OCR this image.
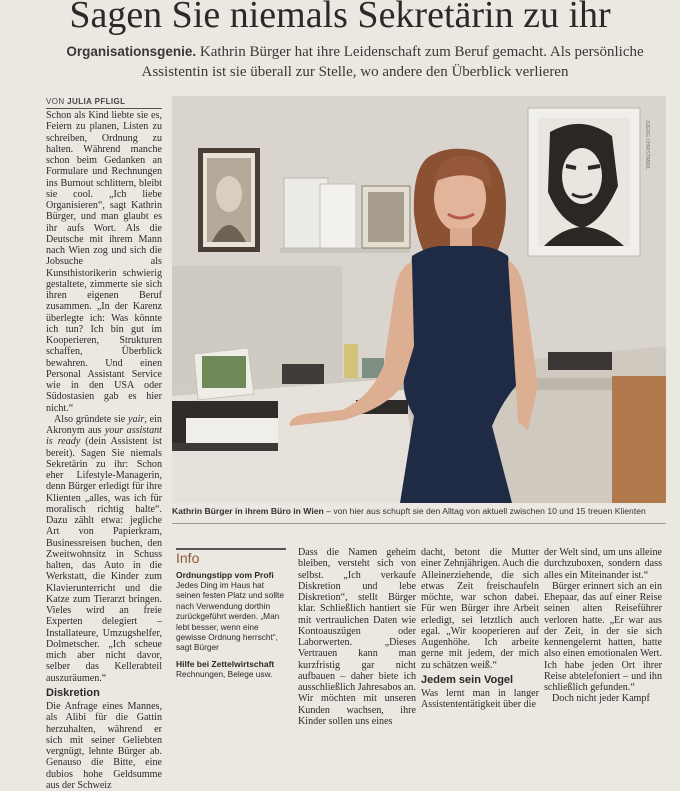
Sagen Sie niemals Sekretärin zu ihr
Organisationsgenie. Kathrin Bürger hat ihre Leidenschaft zum Beruf gemacht. Als persönliche Assistentin ist sie überall zur Stelle, wo andere den Überblick verlieren
VON JULIA PFLIGL

Schon als Kind liebte sie es, Feiern zu planen, Listen zu schreiben, Ordnung zu halten. Während manche schon beim Gedanken an Formulare und Rechnungen ins Burnout schlittern, bleibt sie cool. „Ich liebe Organisieren“, sagt Kathrin Bürger, und man glaubt es ihr aufs Wort. Als die Deutsche mit ihrem Mann nach Wien zog und sich die Jobsuche als Kunsthistorikerin schwierig gestaltete, zimmerte sie sich ihren eigenen Beruf zusammen. „In der Karenz überlegte ich: Was könnte ich tun? Ich bin gut im Kooperieren, Strukturen schaffen, Überblick bewahren. Und einen Personal Assistant Service wie in den USA oder Südostasien gab es hier nicht.“

Also gründete sie yair, ein Akronym aus your assistant is ready (dein Assistent ist bereit). Sagen Sie niemals Sekretärin zu ihr: Schon eher Lifestyle-Managerin, denn Bürger erledigt für ihre Klienten „alles, was ich für moralisch richtig halte“. Dazu zählt etwa: jegliche Art von Papierkram, Businessreisen buchen, den Zweitwohnsitz in Schuss halten, das Auto in die Werkstatt, die Kinder zum Klavierunterricht und die Katze zum Tierarzt bringen. Vieles wird an freie Experten delegiert – Installateure, Umzugshelfer, Dolmetscher. „Ich scheue mich aber nicht davor, selber das Kellerabteil auszuräumen.“

Diskretion

Die Anfrage eines Mannes, als Alibi für die Gattin herzuhalten, während er sich mit seiner Geliebten vergnügt, lehnte Bürger ab. Genauso die Bitte, eine dubios hohe Geldsumme aus der Schweiz

JUERG CHRISTANDL
Kathrin Bürger in ihrem Büro in Wien – von hier aus schupft sie den Alltag von aktuell zwischen 10 und 15 treuen Klienten
Info
Ordnungstipp vom Profi
Jedes Ding im Haus hat seinen festen Platz und sollte nach Verwendung dorthin zurückgeführt werden. „Man lebt besser, wenn eine gewisse Ordnung herrscht“, sagt Bürger
Hilfe bei Zettelwirtschaft
Rechnungen, Belege usw.

Dass die Namen geheim bleiben, versteht sich von selbst. „Ich verkaufe Diskretion und lebe Diskretion“, stellt Bürger klar. Schließlich hantiert sie mit vertraulichen Daten wie Kontoauszügen oder Laborwerten. „Dieses Vertrauen kann man kurzfristig gar nicht aufbauen – daher biete ich ausschließlich Jahresabos an. Wir möchten mit unseren Kunden wachsen, ihre Kinder sollen uns eines

dacht, betont die Mutter einer Zehnjährigen. Auch die Alleinerziehende, die sich etwas Zeit freischaufeln möchte, war schon dabei. Für wen Bürger ihre Arbeit erledigt, sei letztlich auch egal. „Wir kooperieren auf Augenhöhe. Ich arbeite gerne mit jedem, der mich zu schätzen weiß.“

Jedem sein Vogel

Was lernt man in langer Assistententätigkeit über die

der Welt sind, um uns alleine durchzuboxen, sondern dass alles ein Miteinander ist.“

Bürger erinnert sich an ein Ehepaar, das auf einer Reise seinen alten Reiseführer verloren hatte. „Er war aus der Zeit, in der sie sich kennengelernt hatten, hatte also einen emotionalen Wert. Ich habe jeden Ort ihrer Reise abtelefoniert – und ihn schließlich gefunden.“

Doch nicht jeder Kampf
